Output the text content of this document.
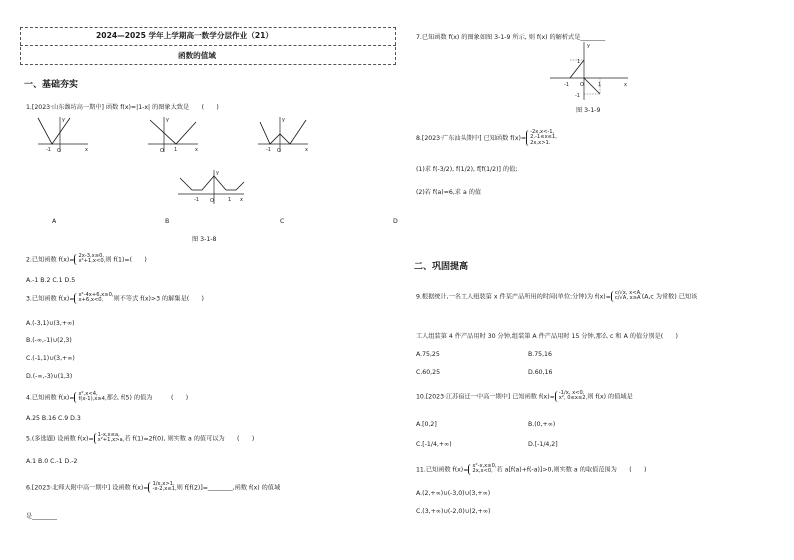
2024—2025 学年上学期高一数学分层作业（21）
函数的值域
一、基础夯实
1.[2023·山东潍坊高一期中] 函数 f(x)=|1-x| 的图象大致是　　(　　)
x
y
O
-1	x
y
O 1	x
y
O
-1
x
y
O
-1	1
A	B	C	D
图 3-1-8
2.已知函数 f(x)=
2x-3,x≥0,
x²+1,x<0, 则 f(1)=(　　)
A.-1 B.2 C.1 D.5
3.已知函数 f(x)=
x²-4x+6,x≥0,
x+6,x<0,	则不等式 f(x)>3 的解集是(　　)
A.(-3,1)∪(3,+∞)
B.(-∞,-1)∪(2,3)
C.(-1,1)∪(3,+∞)
D.(-∞,-3)∪(1,3)
4.已知函数 f(x)=
x²,x<4,
f(x-1),x≥4, 那么 f(5) 的值为　　　(　　)
A.25 B.16 C.9 D.3
5.(多选题) 设函数 f(x)=
1-x,x≤a,
x²+1,x>a, 若 f(1)=2f(0), 则实数 a 的值可以为　　(　　)
A.1 B.0 C.-1 D.-2
6.[2023·北师大附中高一期中] 设函数 f(x)=
1/x,x>1,
-x-2,x≤1, 则 f[f(2)]=________,函数 f(x) 的值域
是________
7.已知函数 f(x) 的图象如图 3-1-9 所示, 则 f(x) 的解析式是________
x
y
O
-1	1
1
-1
图 3-1-9
8.[2023·广东汕头期中] 已知函数 f(x)=
-2x,x<-1,
2,-1≤x≤1,
2x,x>1.
(1)求 f(-3/2), f(1/2), f[f(1/2)] 的值;
(2)若 f(a)=6,求 a 的值
二、巩固提高
9.根据统计,一名工人组装第 x 件某产品所用的时间(单位:分钟)为 f(x)=
c/√x, x<A,
c/√A, x≥A (A,c 为常数) 已知该
工人组装第 4 件产品用时 30 分钟,组装第 A 件产品用时 15 分钟,那么 c 和 A 的值分别是(　　)
A.75,25	B.75,16
C.60,25	D.60,16
10.[2023·江苏宿迁一中高一期中] 已知函数 f(x)=
-1/x, x<0,
x², 0≤x≤2, 则 f(x) 的值域是
A.[0,2]	B.(0,+∞)
C.[-1/4,+∞)	D.[-1/4,2]
11.已知函数 f(x)=
x²-x,x≥0,
2x,x<0, 若 a[f(a)+f(-a)]>0,则实数 a 的取值范围为　　(　　)
A.(2,+∞)∪(-3,0)∪(3,+∞)
C.(3,+∞)∪(-2,0)∪(2,+∞)
